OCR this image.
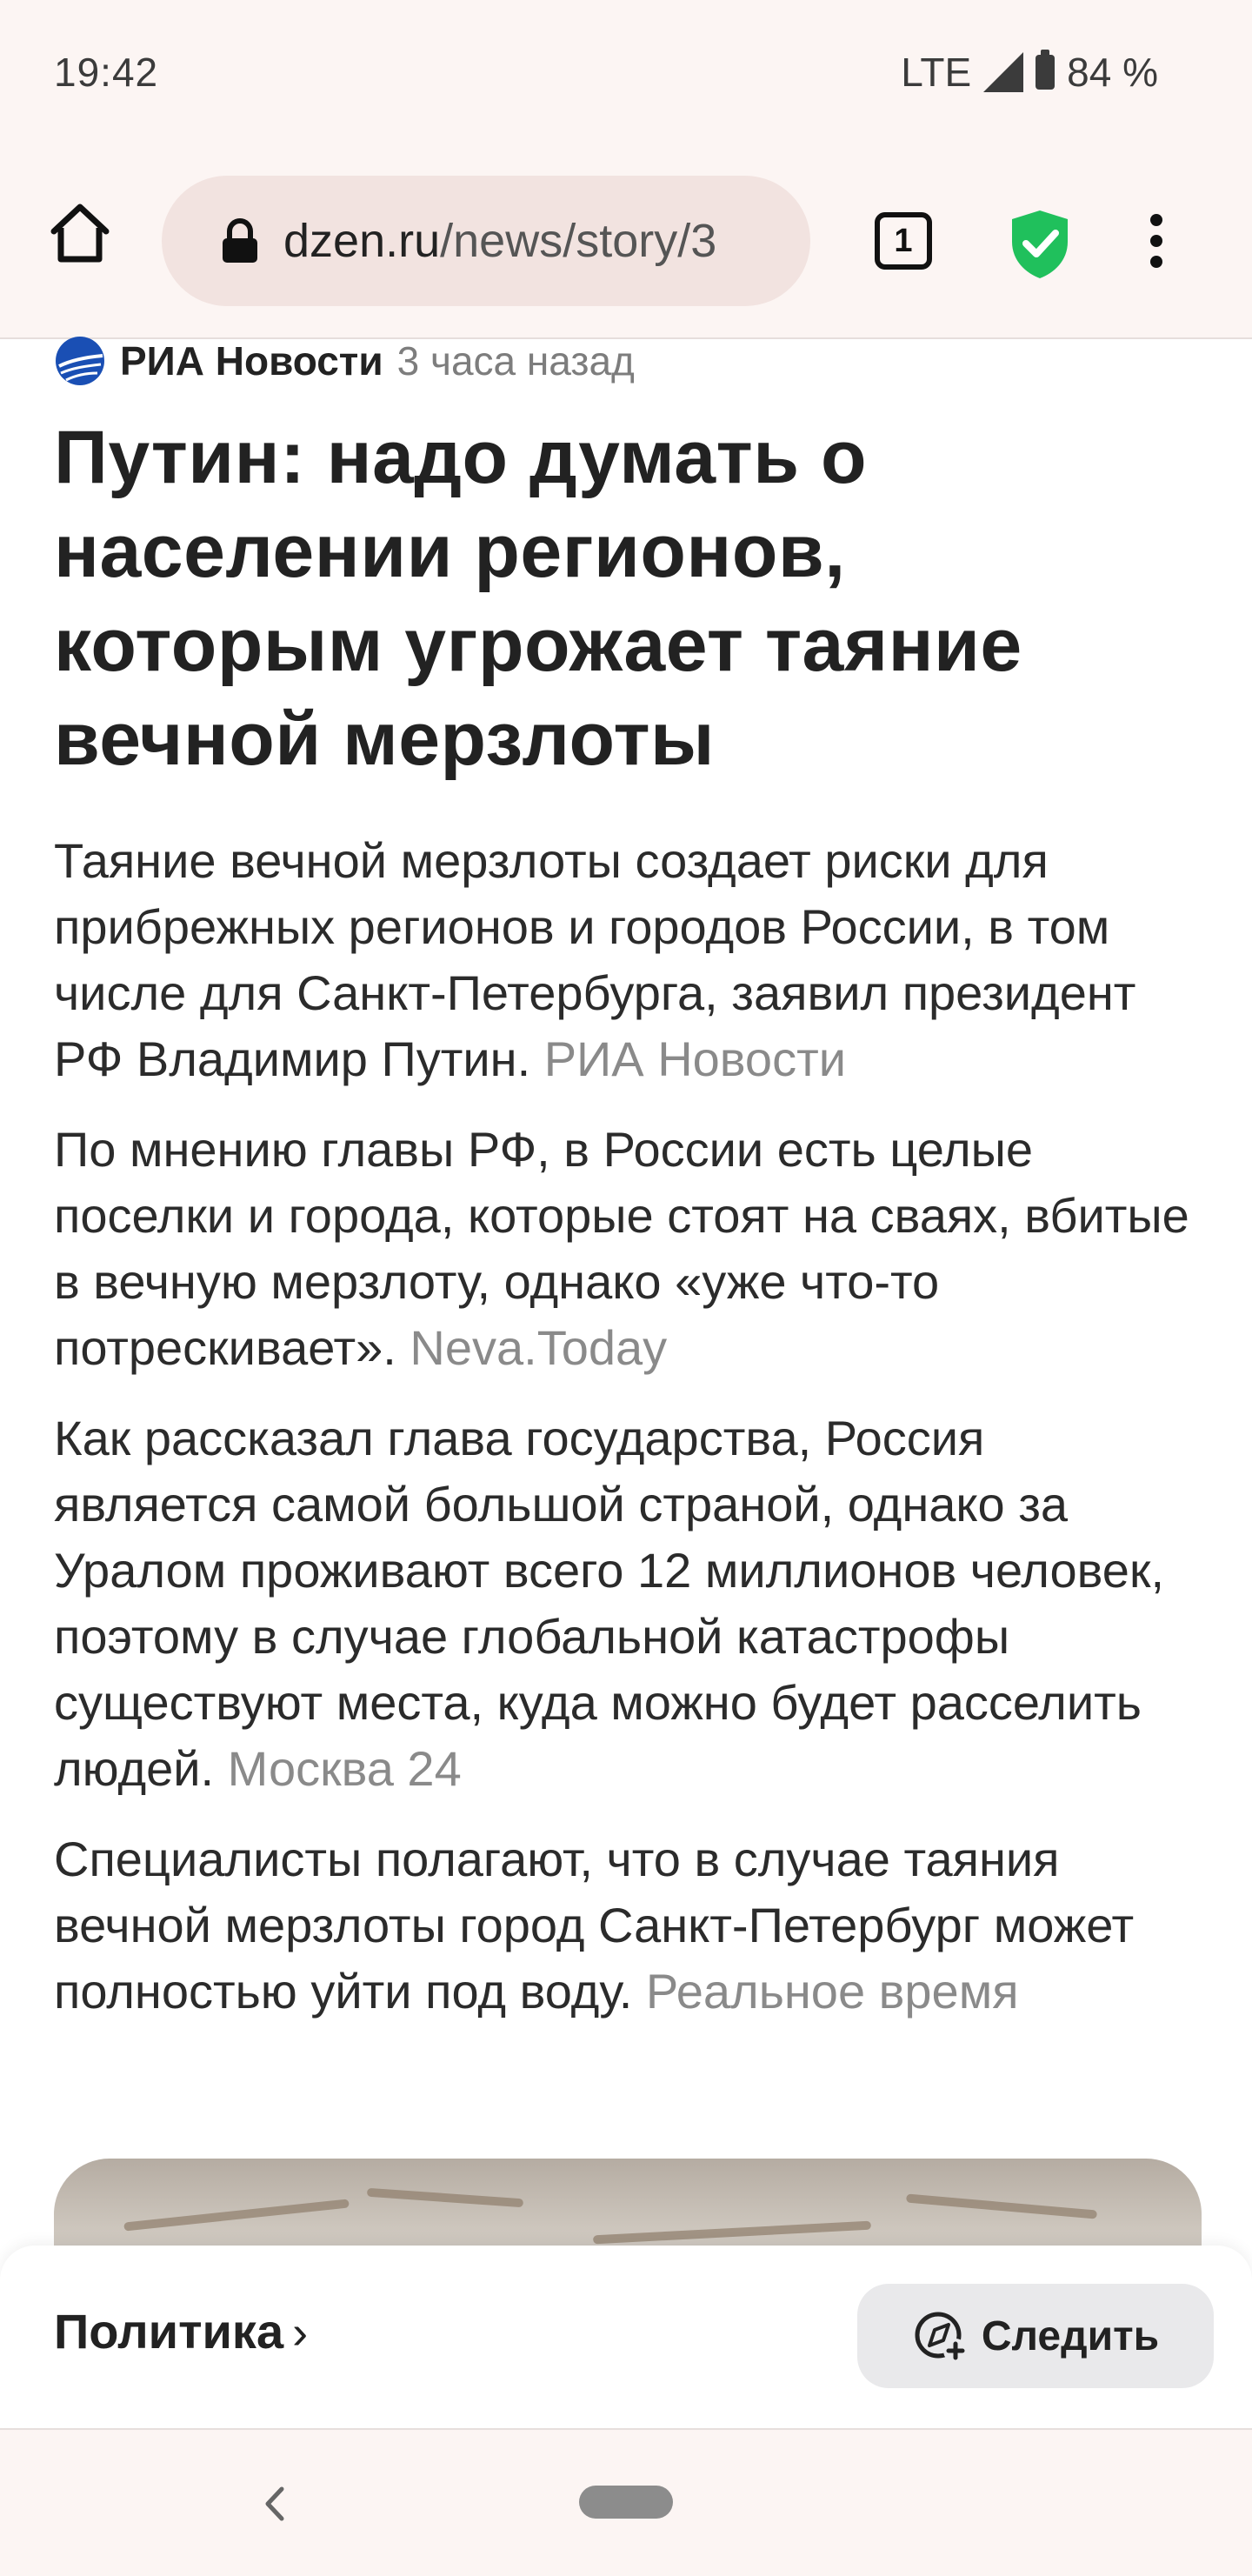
19:42	LTE 84 %
dzen.ru/news/story/3	1
РИА Новости 3 часа назад
Путин: надо думать о населении регионов, которым угрожает таяние вечной мерзлоты

Таяние вечной мерзлоты создает риски для прибрежных регионов и городов России, в том числе для Санкт-Петербурга, заявил президент РФ Владимир Путин. РИА Новости

По мнению главы РФ, в России есть целые поселки и города, которые стоят на сваях, вбитые в вечную мерзлоту, однако «уже что-то потрескивает». Neva.Today

Как рассказал глава государства, Россия является самой большой страной, однако за Уралом проживают всего 12 миллионов человек, поэтому в случае глобальной катастрофы существуют места, куда можно будет расселить людей. Москва 24

Специалисты полагают, что в случае таяния вечной мерзлоты город Санкт-Петербург может полностью уйти под воду. Реальное время

Политика ›	Следить
